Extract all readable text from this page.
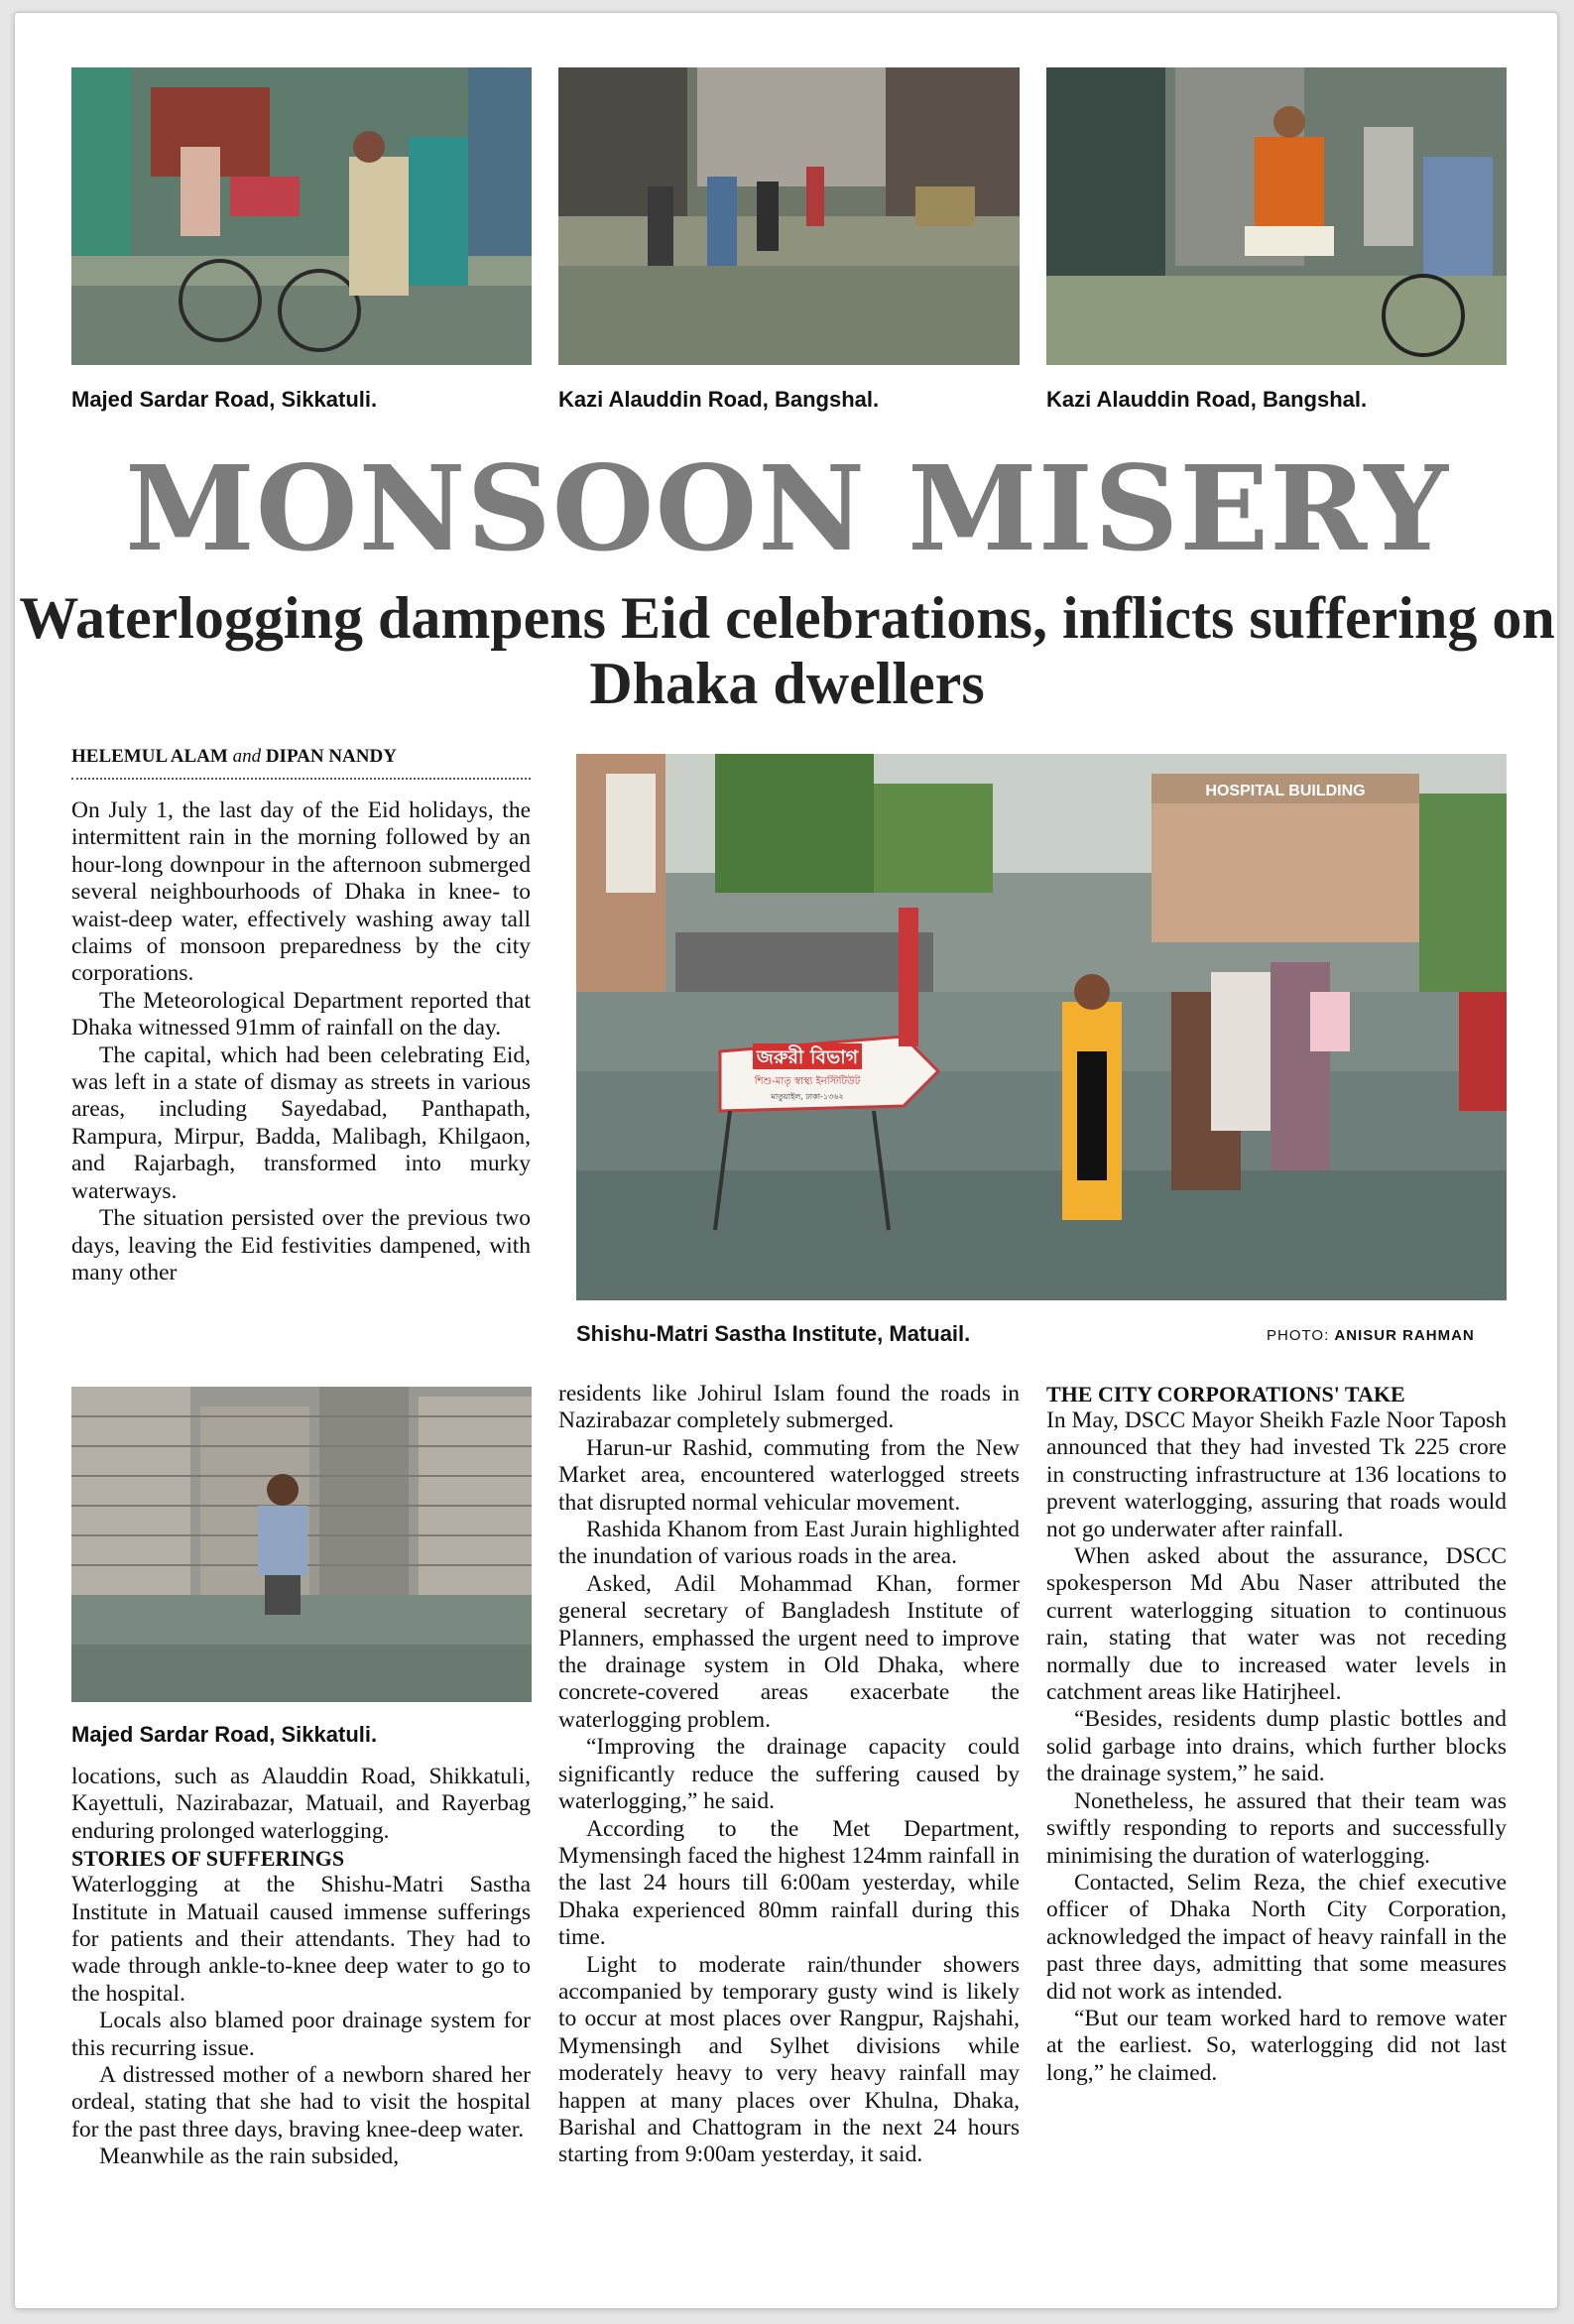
Majed Sardar Road, Sikkatuli.	Kazi Alauddin Road, Bangshal.	Kazi Alauddin Road, Bangshal.
MONSOON MISERY
Waterlogging dampens Eid celebrations, inflicts suffering on Dhaka dwellers
HELEMUL ALAM and DIPAN NANDY

On July 1, the last day of the Eid holidays, the intermittent rain in the morning followed by an hour-long downpour in the afternoon submerged several neighbourhoods of Dhaka in knee- to waist-deep water, effectively washing away tall claims of monsoon preparedness by the city corporations.

The Meteorological Department reported that Dhaka witnessed 91mm of rainfall on the day.

The capital, which had been celebrating Eid, was left in a state of dismay as streets in various areas, including Sayedabad, Panthapath, Rampura, Mirpur, Badda, Malibagh, Khilgaon, and Rajarbagh, transformed into murky waterways.

The situation persisted over the previous two days, leaving the Eid festivities dampened, with many other

HOSPITAL BUILDING
জরুরী বিভাগ
শিশু-মাতৃ স্বাস্থ্য ইনস্টিটিউট
মাতুয়াইল, ঢাকা-১৩৬২
Shishu-Matri Sastha Institute, Matuail.	PHOTO: ANISUR RAHMAN
Majed Sardar Road, Sikkatuli.

locations, such as Alauddin Road, Shikkatuli, Kayettuli, Nazirabazar, Matuail, and Rayerbag enduring prolonged waterlogging.

STORIES OF SUFFERINGS

Waterlogging at the Shishu-Matri Sastha Institute in Matuail caused immense sufferings for patients and their attendants. They had to wade through ankle-to-knee deep water to go to the hospital.

Locals also blamed poor drainage system for this recurring issue.

A distressed mother of a newborn shared her ordeal, stating that she had to visit the hospital for the past three days, braving knee-deep water.

Meanwhile as the rain subsided,

residents like Johirul Islam found the roads in Nazirabazar completely submerged.

Harun-ur Rashid, commuting from the New Market area, encountered waterlogged streets that disrupted normal vehicular movement.

Rashida Khanom from East Jurain highlighted the inundation of various roads in the area.

Asked, Adil Mohammad Khan, former general secretary of Bangladesh Institute of Planners, emphassed the urgent need to improve the drainage system in Old Dhaka, where concrete-covered areas exacerbate the waterlogging problem.

“Improving the drainage capacity could significantly reduce the suffering caused by waterlogging,” he said.

According to the Met Department, Mymensingh faced the highest 124mm rainfall in the last 24 hours till 6:00am yesterday, while Dhaka experienced 80mm rainfall during this time.

Light to moderate rain/thunder showers accompanied by temporary gusty wind is likely to occur at most places over Rangpur, Rajshahi, Mymensingh and Sylhet divisions while moderately heavy to very heavy rainfall may happen at many places over Khulna, Dhaka, Barishal and Chattogram in the next 24 hours starting from 9:00am yesterday, it said.

THE CITY CORPORATIONS' TAKE

In May, DSCC Mayor Sheikh Fazle Noor Taposh announced that they had invested Tk 225 crore in constructing infrastructure at 136 locations to prevent waterlogging, assuring that roads would not go underwater after rainfall.

When asked about the assurance, DSCC spokesperson Md Abu Naser attributed the current waterlogging situation to continuous rain, stating that water was not receding normally due to increased water levels in catchment areas like Hatirjheel.

“Besides, residents dump plastic bottles and solid garbage into drains, which further blocks the drainage system,” he said.

Nonetheless, he assured that their team was swiftly responding to reports and successfully minimising the duration of waterlogging.

Contacted, Selim Reza, the chief executive officer of Dhaka North City Corporation, acknowledged the impact of heavy rainfall in the past three days, admitting that some measures did not work as intended.

“But our team worked hard to remove water at the earliest. So, waterlogging did not last long,” he claimed.
